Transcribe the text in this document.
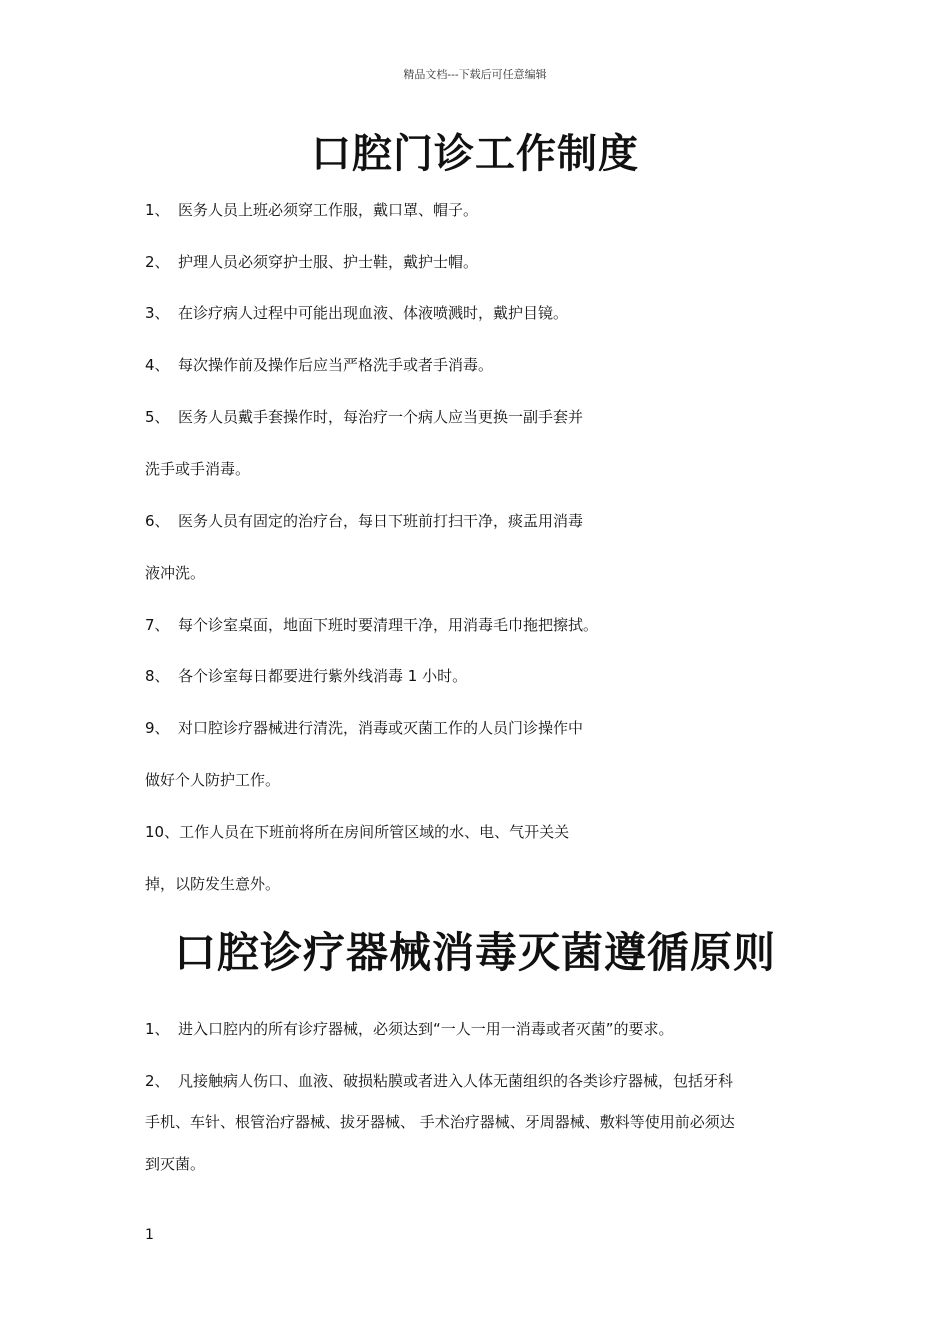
精品文档---下载后可任意编辑
口腔门诊工作制度
1、 医务人员上班必须穿工作服，戴口罩、帽子。
2、 护理人员必须穿护士服、护士鞋，戴护士帽。
3、 在诊疗病人过程中可能出现血液、体液喷溅时，戴护目镜。
4、 每次操作前及操作后应当严格洗手或者手消毒。
5、 医务人员戴手套操作时，每治疗一个病人应当更换一副手套并
洗手或手消毒。
6、 医务人员有固定的治疗台，每日下班前打扫干净，痰盂用消毒
液冲洗。
7、 每个诊室桌面，地面下班时要清理干净，用消毒毛巾拖把擦拭。
8、 各个诊室每日都要进行紫外线消毒 1 小时。
9、 对口腔诊疗器械进行清洗，消毒或灭菌工作的人员门诊操作中
做好个人防护工作。
10、工作人员在下班前将所在房间所管区域的水、电、气开关关
掉，以防发生意外。
口腔诊疗器械消毒灭菌遵循原则
1、 进入口腔内的所有诊疗器械，必须达到“一人一用一消毒或者灭菌”的要求。
2、 凡接触病人伤口、血液、破损粘膜或者进入人体无菌组织的各类诊疗器械，包括牙科
手机、车针、根管治疗器械、拔牙器械、 手术治疗器械、牙周器械、敷料等使用前必须达
到灭菌。
1
